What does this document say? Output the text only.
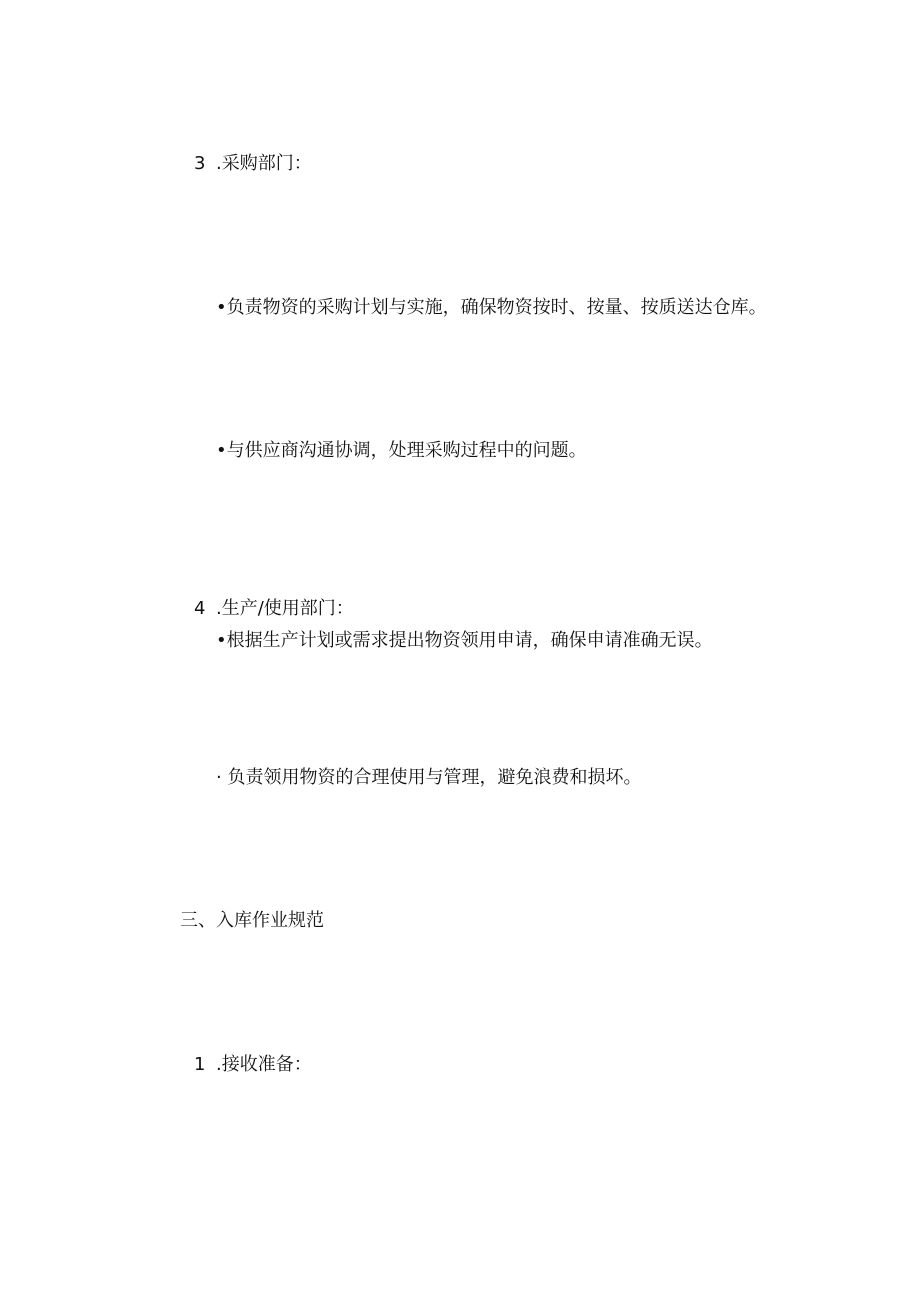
3 .采购部门：
•负责物资的采购计划与实施，确保物资按时、按量、按质送达仓库。
•与供应商沟通协调，处理采购过程中的问题。
4 .生产/使用部门：
•根据生产计划或需求提出物资领用申请，确保申请准确无误。
· 负责领用物资的合理使用与管理，避免浪费和损坏。
三、入库作业规范
1 .接收准备：
